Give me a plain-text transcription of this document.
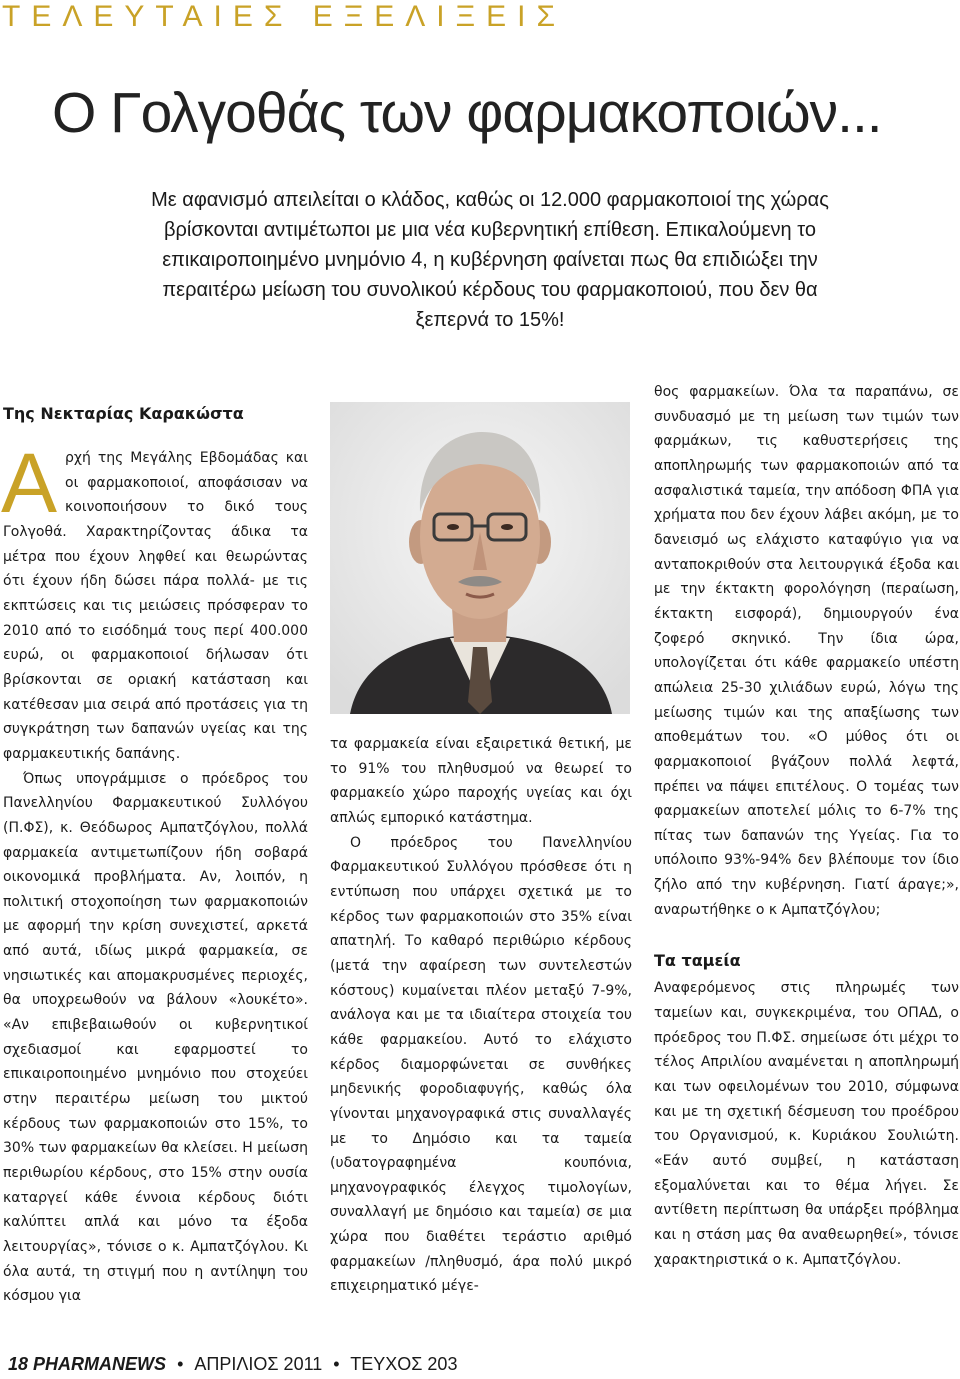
ΤΕΛΕΥΤΑΙΕΣ ΕΞΕΛΙΞΕΙΣ
Ο Γολγοθάς των φαρμακοποιών...

Με αφανισμό απειλείται ο κλάδος, καθώς οι 12.000 φαρμακοποιοί της χώρας βρίσκονται αντιμέτωποι με μια νέα κυβερνητική επίθεση. Επικαλούμενη το επικαιροποιημένο μνημόνιο 4, η κυβέρνηση φαίνεται πως θα επιδιώξει την περαιτέρω μείωση του συνολικού κέρδους του φαρμακοποιού, που δεν θα ξεπερνά το 15%!

Της Νεκταρίας Καρακώστα

Αρχή της Μεγάλης Εβδομάδας και οι φαρμακοποιοί, αποφάσισαν να κοινοποιήσουν το δικό τους Γολγοθά. Χαρακτηρίζοντας άδικα τα μέτρα που έχουν ληφθεί και θεωρώντας ότι έχουν ήδη δώσει πάρα πολλά- με τις εκπτώσεις και τις μειώσεις πρόσφεραν το 2010 από το εισόδημά τους περί 400.000 ευρώ, οι φαρμακοποιοί δήλωσαν ότι βρίσκονται σε οριακή κατάσταση και κατέθεσαν μια σειρά από προτάσεις για τη συγκράτηση των δαπανών υγείας και της φαρμακευτικής δαπάνης.

Όπως υπογράμμισε ο πρόεδρος του Πανελληνίου Φαρμακευτικού Συλλόγου (Π.ΦΣ), κ. Θεόδωρος Αμπατζόγλου, πολλά φαρμακεία αντιμετωπίζουν ήδη σοβαρά οικονομικά προβλήματα. Αν, λοιπόν, η πολιτική στοχοποίηση των φαρμακοποιών με αφορμή την κρίση συνεχιστεί, αρκετά από αυτά, ιδίως μικρά φαρμακεία, σε νησιωτικές και απομακρυσμένες περιοχές, θα υποχρεωθούν να βάλουν «λουκέτο». «Αν επιβεβαιωθούν οι κυβερνητικοί σχεδιασμοί και εφαρμοστεί το επικαιροποιημένο μνημόνιο που στοχεύει στην περαιτέρω μείωση του μικτού κέρδους των φαρμακοποιών στο 15%, το 30% των φαρμακείων θα κλείσει. Η μείωση περιθωρίου κέρδους, στο 15% στην ουσία καταργεί κάθε έννοια κέρδους διότι καλύπτει απλά και μόνο τα έξοδα λειτουργίας», τόνισε ο κ. Αμπατζόγλου. Κι όλα αυτά, τη στιγμή που η αντίληψη του κόσμου για

τα φαρμακεία είναι εξαιρετικά θετική, με το 91% του πληθυσμού να θεωρεί το φαρμακείο χώρο παροχής υγείας και όχι απλώς εμπορικό κατάστημα.

Ο πρόεδρος του Πανελληνίου Φαρμακευτικού Συλλόγου πρόσθεσε ότι η εντύπωση που υπάρχει σχετικά με το κέρδος των φαρμακοποιών στο 35% είναι απατηλή. Το καθαρό περιθώριο κέρδους (μετά την αφαίρεση των συντελεστών κόστους) κυμαίνεται πλέον μεταξύ 7-9%, ανάλογα και με τα ιδιαίτερα στοιχεία του κάθε φαρμακείου. Αυτό το ελάχιστο κέρδος διαμορφώνεται σε συνθήκες μηδενικής φοροδιαφυγής, καθώς όλα γίνονται μηχανογραφικά στις συναλλαγές με το Δημόσιο και τα ταμεία (υδατογραφημένα κουπόνια, μηχανογραφικός έλεγχος τιμολογίων, συναλλαγή με δημόσιο και ταμεία) σε μια χώρα που διαθέτει τεράστιο αριθμό φαρμακείων /πληθυσμό, άρα πολύ μικρό επιχειρηματικό μέγε-

θος φαρμακείων. Όλα τα παραπάνω, σε συνδυασμό με τη μείωση των τιμών των φαρμάκων, τις καθυστερήσεις της αποπληρωμής των φαρμακοποιών από τα ασφαλιστικά ταμεία, την απόδοση ΦΠΑ για χρήματα που δεν έχουν λάβει ακόμη, με το δανεισμό ως ελάχιστο καταφύγιο για να ανταποκριθούν στα λειτουργικά έξοδα και με την έκτακτη φορολόγηση (περαίωση, έκτακτη εισφορά), δημιουργούν ένα ζοφερό σκηνικό. Την ίδια ώρα, υπολογίζεται ότι κάθε φαρμακείο υπέστη απώλεια 25-30 χιλιάδων ευρώ, λόγω της μείωσης τιμών και της απαξίωσης των αποθεμάτων του. «Ο μύθος ότι οι φαρμακοποιοί βγάζουν πολλά λεφτά, πρέπει να πάψει επιτέλους. Ο τομέας των φαρμακείων αποτελεί μόλις το 6-7% της πίτας των δαπανών της Υγείας. Για το υπόλοιπο 93%-94% δεν βλέπουμε τον ίδιο ζήλο από την κυβέρνηση. Γιατί άραγε;», αναρωτήθηκε ο κ Αμπατζόγλου;

Τα ταμεία

Αναφερόμενος στις πληρωμές των ταμείων και, συγκεκριμένα, του ΟΠΑΔ, ο πρόεδρος του Π.ΦΣ. σημείωσε ότι μέχρι το τέλος Απριλίου αναμένεται η αποπληρωμή και των οφειλομένων του 2010, σύμφωνα και με τη σχετική δέσμευση του προέδρου του Οργανισμού, κ. Κυριάκου Σουλιώτη. «Εάν αυτό συμβεί, η κατάσταση εξομαλύνεται και το θέμα λήγει. Σε αντίθετη περίπτωση θα υπάρξει πρόβλημα και η στάση μας θα αναθεωρηθεί», τόνισε χαρακτηριστικά ο κ. Αμπατζόγλου.

18 PHARMANEWS • ΑΠΡΙΛΙΟΣ 2011 • ΤΕΥΧΟΣ 203
